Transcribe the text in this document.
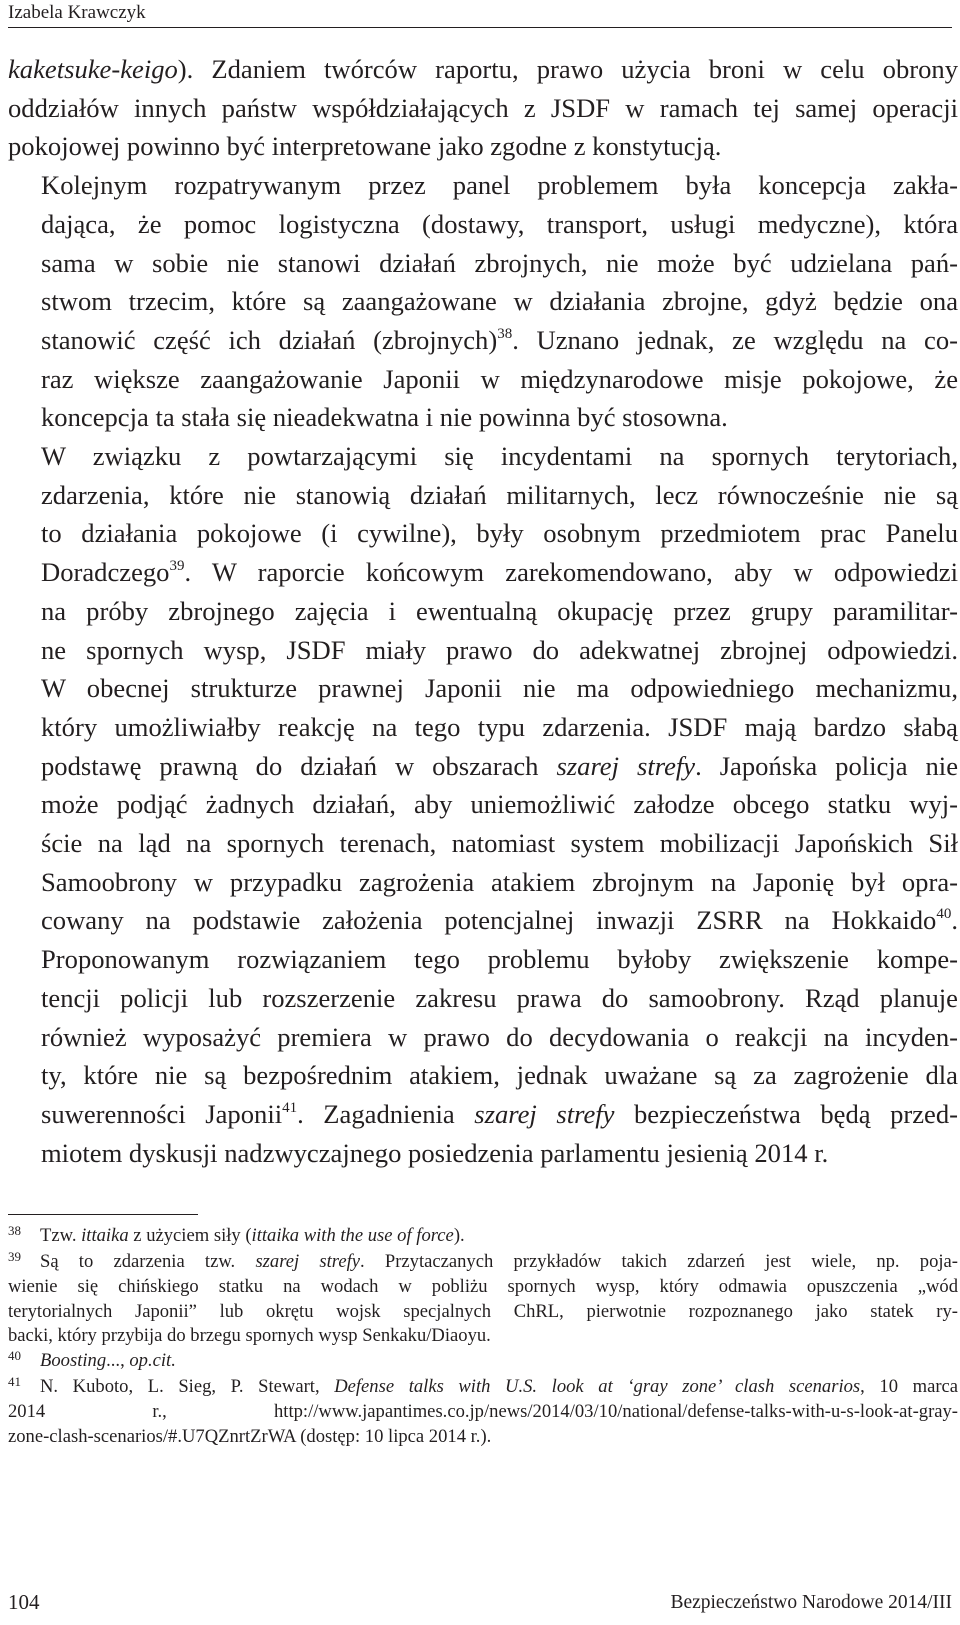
Izabela Krawczyk

kaketsuke-keigo). Zdaniem twórców raportu, prawo użycia broni w celu obrony
oddziałów innych państw współdziałających z JSDF w ramach tej samej operacji
pokojowej powinno być interpretowane jako zgodne z konstytucją.

Kolejnym rozpatrywanym przez panel problemem była koncepcja zakła-
dająca, że pomoc logistyczna (dostawy, transport, usługi medyczne), która
sama w sobie nie stanowi działań zbrojnych, nie może być udzielana pań-
stwom trzecim, które są zaangażowane w działania zbrojne, gdyż będzie ona
stanowić część ich działań (zbrojnych)$^{38}$. Uznano jednak, ze względu na co-
raz większe zaangażowanie Japonii w międzynarodowe misje pokojowe, że
koncepcja ta stała się nieadekwatna i nie powinna być stosowna.

W związku z powtarzającymi się incydentami na spornych terytoriach,
zdarzenia, które nie stanowią działań militarnych, lecz równocześnie nie są
to działania pokojowe (i cywilne), były osobnym przedmiotem prac Panelu
Doradczego$^{39}$. W raporcie końcowym zarekomendowano, aby w odpowiedzi
na próby zbrojnego zajęcia i ewentualną okupację przez grupy paramilitar-
ne spornych wysp, JSDF miały prawo do adekwatnej zbrojnej odpowiedzi.
W obecnej strukturze prawnej Japonii nie ma odpowiedniego mechanizmu,
który umożliwiałby reakcję na tego typu zdarzenia. JSDF mają bardzo słabą
podstawę prawną do działań w obszarach szarej strefy. Japońska policja nie
może podjąć żadnych działań, aby uniemożliwić załodze obcego statku wyj-
ście na ląd na spornych terenach, natomiast system mobilizacji Japońskich Sił
Samoobrony w przypadku zagrożenia atakiem zbrojnym na Japonię był opra-
cowany na podstawie założenia potencjalnej inwazji ZSRR na Hokkaido$^{40}$.
Proponowanym rozwiązaniem tego problemu byłoby zwiększenie kompe-
tencji policji lub rozszerzenie zakresu prawa do samoobrony. Rząd planuje
również wyposażyć premiera w prawo do decydowania o reakcji na incyden-
ty, które nie są bezpośrednim atakiem, jednak uważane są za zagrożenie dla
suwerenności Japonii$^{41}$. Zagadnienia szarej strefy bezpieczeństwa będą przed-
miotem dyskusji nadzwyczajnego posiedzenia parlamentu jesienią 2014 r.

38 Tzw. ittaika z użyciem siły (ittaika with the use of force).
39 Są to zdarzenia tzw. szarej strefy. Przytaczanych przykładów takich zdarzeń jest wiele, np. poja-
wienie się chińskiego statku na wodach w pobliżu spornych wysp, który odmawia opuszczenia „wód
terytorialnych Japonii” lub okrętu wojsk specjalnych ChRL, pierwotnie rozpoznanego jako statek ry-
backi, który przybija do brzegu spornych wysp Senkaku/Diaoyu.
40 Boosting..., op.cit.
41 N. Kuboto, L. Sieg, P. Stewart, Defense talks with U.S. look at ‘gray zone’ clash scenarios, 10 marca
2014 r., http://www.japantimes.co.jp/news/2014/03/10/national/defense-talks-with-u-s-look-at-gray-
zone-clash-scenarios/#.U7QZnrtZrWA (dostęp: 10 lipca 2014 r.).
104	Bezpieczeństwo Narodowe 2014/III
